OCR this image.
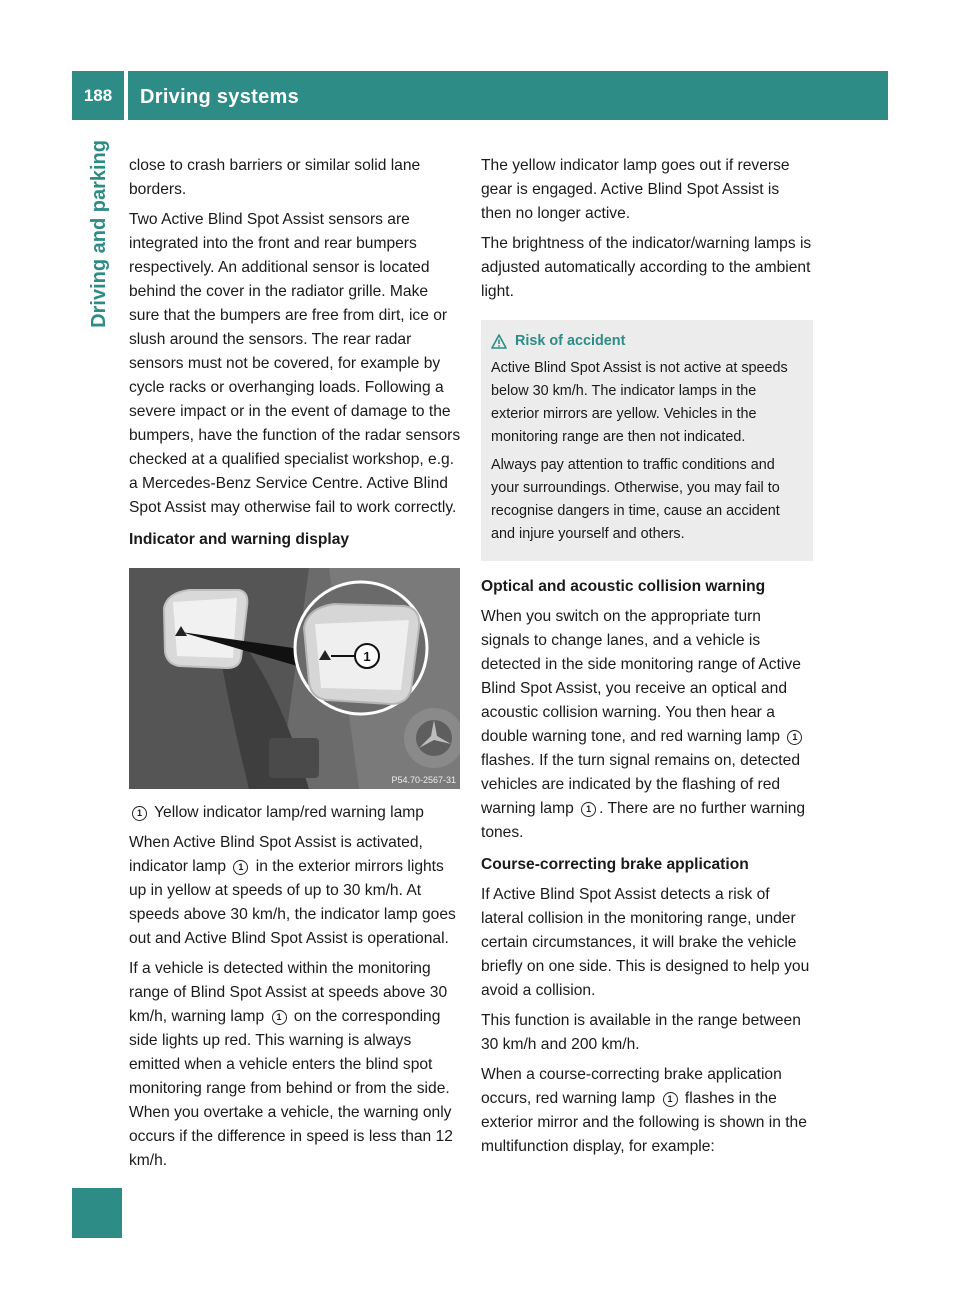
188	Driving systems
Driving and parking close to crash barriers or similar solid lane borders.

Two Active Blind Spot Assist sensors are integrated into the front and rear bumpers respectively. An additional sensor is located behind the cover in the radiator grille. Make sure that the bumpers are free from dirt, ice or slush around the sensors. The rear radar sensors must not be covered, for example by cycle racks or overhanging loads. Following a severe impact or in the event of damage to the bumpers, have the function of the radar sensors checked at a qualified specialist workshop, e.g. a Mercedes-Benz Service Centre. Active Blind Spot Assist may otherwise fail to work correctly.

Indicator and warning display
1
P54.70-2567-31

1 Yellow indicator lamp/red warning lamp

When Active Blind Spot Assist is activated, indicator lamp 1 in the exterior mirrors lights up in yellow at speeds of up to 30 km/h. At speeds above 30 km/h, the indicator lamp goes out and Active Blind Spot Assist is operational.

If a vehicle is detected within the monitoring range of Blind Spot Assist at speeds above 30 km/h, warning lamp 1 on the corresponding side lights up red. This warning is always emitted when a vehicle enters the blind spot monitoring range from behind or from the side. When you overtake a vehicle, the warning only occurs if the difference in speed is less than 12 km/h.

The yellow indicator lamp goes out if reverse gear is engaged. Active Blind Spot Assist is then no longer active.

The brightness of the indicator/warning lamps is adjusted automatically according to the ambient light.

Risk of accident

Active Blind Spot Assist is not active at speeds below 30 km/h. The indicator lamps in the exterior mirrors are yellow. Vehicles in the monitoring range are then not indicated.

Always pay attention to traffic conditions and your surroundings. Otherwise, you may fail to recognise dangers in time, cause an accident and injure yourself and others.

Optical and acoustic collision warning

When you switch on the appropriate turn signals to change lanes, and a vehicle is detected in the side monitoring range of Active Blind Spot Assist, you receive an optical and acoustic collision warning. You then hear a double warning tone, and red warning lamp 1 flashes. If the turn signal remains on, detected vehicles are indicated by the flashing of red warning lamp 1 . There are no further warning tones.

Course-correcting brake application

If Active Blind Spot Assist detects a risk of lateral collision in the monitoring range, under certain circumstances, it will brake the vehicle briefly on one side. This is designed to help you avoid a collision.

This function is available in the range between 30 km/h and 200 km/h.

When a course-correcting brake application occurs, red warning lamp 1 flashes in the exterior mirror and the following is shown in the multifunction display, for example:
